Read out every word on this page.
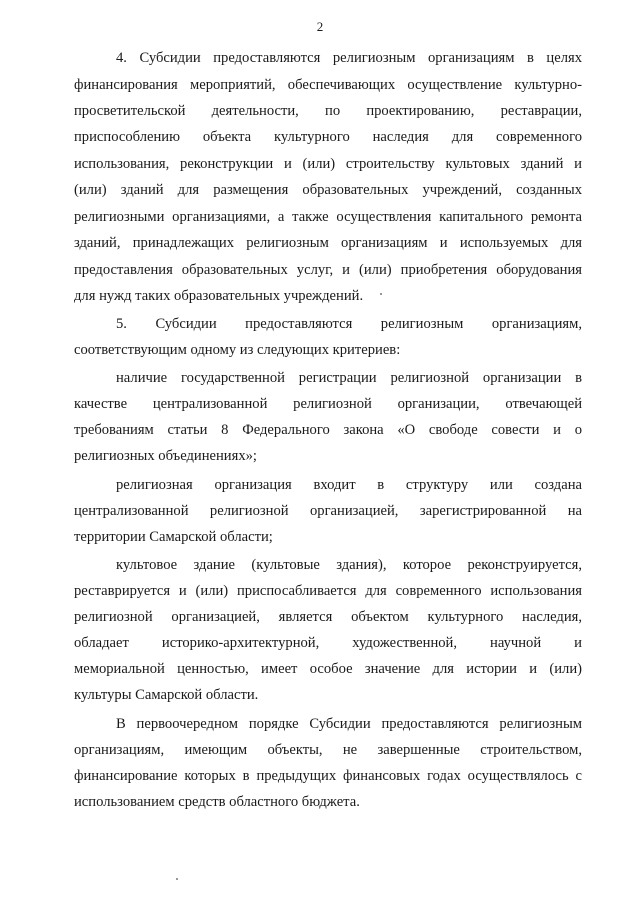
2
4. Субсидии предоставляются религиозным организациям в целях
финансирования мероприятий, обеспечивающих осуществление культурно-
просветительской деятельности, по проектированию, реставрации,
приспособлению объекта культурного наследия для современного
использования, реконструкции и (или) строительству культовых зданий и
(или) зданий для размещения образовательных учреждений, созданных
религиозными организациями, а также осуществления капитального ремонта
зданий, принадлежащих религиозным организациям и используемых для
предоставления образовательных услуг, и (или) приобретения оборудования
для нужд таких образовательных учреждений.
5. Субсидии предоставляются религиозным организациям,
соответствующим одному из следующих критериев:
наличие государственной регистрации религиозной организации в
качестве централизованной религиозной организации, отвечающей
требованиям статьи 8 Федерального закона «О свободе совести и о
религиозных объединениях»;
религиозная организация входит в структуру или создана
централизованной религиозной организацией, зарегистрированной на
территории Самарской области;
культовое здание (культовые здания), которое реконструируется,
реставрируется и (или) приспосабливается для современного использования
религиозной организацией, является объектом культурного наследия,
обладает историко-архитектурной, художественной, научной и
мемориальной ценностью, имеет особое значение для истории и (или)
культуры Самарской области.
В первоочередном порядке Субсидии предоставляются религиозным
организациям, имеющим объекты, не завершенные строительством,
финансирование которых в предыдущих финансовых годах осуществлялось с
использованием средств областного бюджета.
